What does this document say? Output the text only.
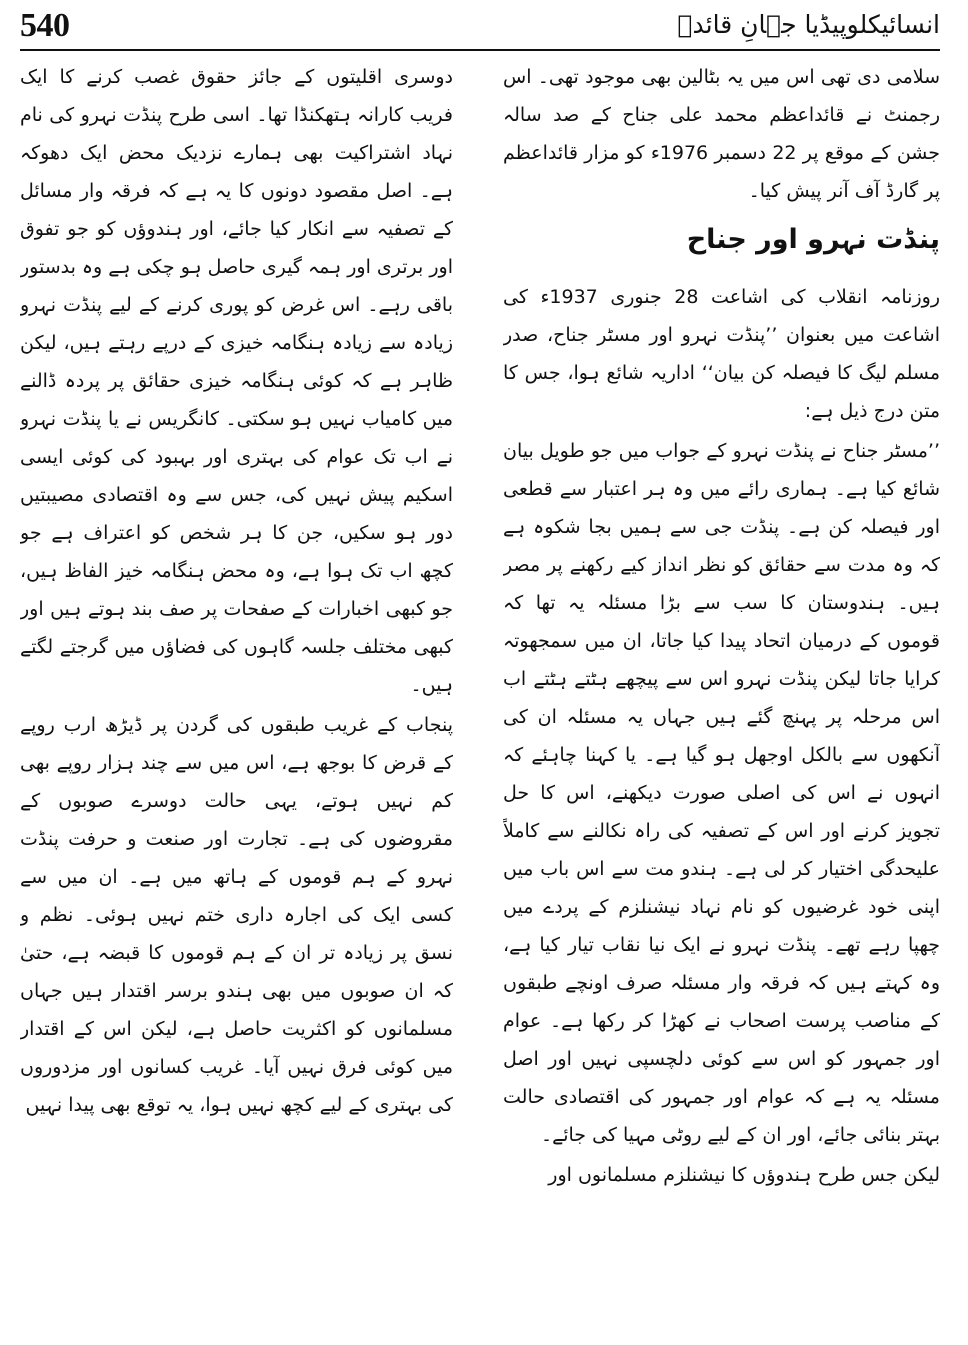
540	انسائیکلوپیڈیا جہانِ قائدؒ

سلامی دی تھی اس میں یہ بٹالین بھی موجود تھی۔ اس رجمنٹ نے قائداعظم محمد علی جناح کے صد سالہ جشن کے موقع پر 22 دسمبر 1976ء کو مزار قائداعظم پر گارڈ آف آنر پیش کیا۔

پنڈت نہرو اور جناح

روزنامہ انقلاب کی اشاعت 28 جنوری 1937ء کی اشاعت میں بعنوان ’’پنڈت نہرو اور مسٹر جناح، صدر مسلم لیگ کا فیصلہ کن بیان‘‘ اداریہ شائع ہوا، جس کا متن درج ذیل ہے:

’’مسٹر جناح نے پنڈت نہرو کے جواب میں جو طویل بیان شائع کیا ہے۔ ہماری رائے میں وہ ہر اعتبار سے قطعی اور فیصلہ کن ہے۔ پنڈت جی سے ہمیں بجا شکوہ ہے کہ وہ مدت سے حقائق کو نظر انداز کیے رکھنے پر مصر ہیں۔ ہندوستان کا سب سے بڑا مسئلہ یہ تھا کہ قوموں کے درمیان اتحاد پیدا کیا جاتا، ان میں سمجھوتہ کرایا جاتا لیکن پنڈت نہرو اس سے پیچھے ہٹتے ہٹتے اب اس مرحلہ پر پہنچ گئے ہیں جہاں یہ مسئلہ ان کی آنکھوں سے بالکل اوجھل ہو گیا ہے۔ یا کہنا چاہئے کہ انہوں نے اس کی اصلی صورت دیکھنے، اس کا حل تجویز کرنے اور اس کے تصفیہ کی راہ نکالنے سے کاملاً علیحدگی اختیار کر لی ہے۔ ہندو مت سے اس باب میں اپنی خود غرضیوں کو نام نہاد نیشنلزم کے پردے میں چھپا رہے تھے۔ پنڈت نہرو نے ایک نیا نقاب تیار کیا ہے، وہ کہتے ہیں کہ فرقہ وار مسئلہ صرف اونچے طبقوں کے مناصب پرست اصحاب نے کھڑا کر رکھا ہے۔ عوام اور جمہور کو اس سے کوئی دلچسپی نہیں اور اصل مسئلہ یہ ہے کہ عوام اور جمہور کی اقتصادی حالت بہتر بنائی جائے، اور ان کے لیے روٹی مہیا کی جائے۔

لیکن جس طرح ہندوؤں کا نیشنلزم مسلمانوں اور

دوسری اقلیتوں کے جائز حقوق غصب کرنے کا ایک فریب کارانہ ہتھکنڈا تھا۔ اسی طرح پنڈت نہرو کی نام نہاد اشتراکیت بھی ہمارے نزدیک محض ایک دھوکہ ہے۔ اصل مقصود دونوں کا یہ ہے کہ فرقہ وار مسائل کے تصفیہ سے انکار کیا جائے، اور ہندوؤں کو جو تفوق اور برتری اور ہمہ گیری حاصل ہو چکی ہے وہ بدستور باقی رہے۔ اس غرض کو پوری کرنے کے لیے پنڈت نہرو زیادہ سے زیادہ ہنگامہ خیزی کے درپے رہتے ہیں، لیکن ظاہر ہے کہ کوئی ہنگامہ خیزی حقائق پر پردہ ڈالنے میں کامیاب نہیں ہو سکتی۔ کانگریس نے یا پنڈت نہرو نے اب تک عوام کی بہتری اور بہبود کی کوئی ایسی اسکیم پیش نہیں کی، جس سے وہ اقتصادی مصیبتیں دور ہو سکیں، جن کا ہر شخص کو اعتراف ہے جو کچھ اب تک ہوا ہے، وہ محض ہنگامہ خیز الفاظ ہیں، جو کبھی اخبارات کے صفحات پر صف بند ہوتے ہیں اور کبھی مختلف جلسہ گاہوں کی فضاؤں میں گرجتے لگتے ہیں۔

پنجاب کے غریب طبقوں کی گردن پر ڈیڑھ ارب روپے کے قرض کا بوجھ ہے، اس میں سے چند ہزار روپے بھی کم نہیں ہوتے، یہی حالت دوسرے صوبوں کے مقروضوں کی ہے۔ تجارت اور صنعت و حرفت پنڈت نہرو کے ہم قوموں کے ہاتھ میں ہے۔ ان میں سے کسی ایک کی اجارہ داری ختم نہیں ہوئی۔ نظم و نسق پر زیادہ تر ان کے ہم قوموں کا قبضہ ہے، حتیٰ کہ ان صوبوں میں بھی ہندو برسر اقتدار ہیں جہاں مسلمانوں کو اکثریت حاصل ہے، لیکن اس کے اقتدار میں کوئی فرق نہیں آیا۔ غریب کسانوں اور مزدوروں کی بہتری کے لیے کچھ نہیں ہوا، یہ توقع بھی پیدا نہیں
